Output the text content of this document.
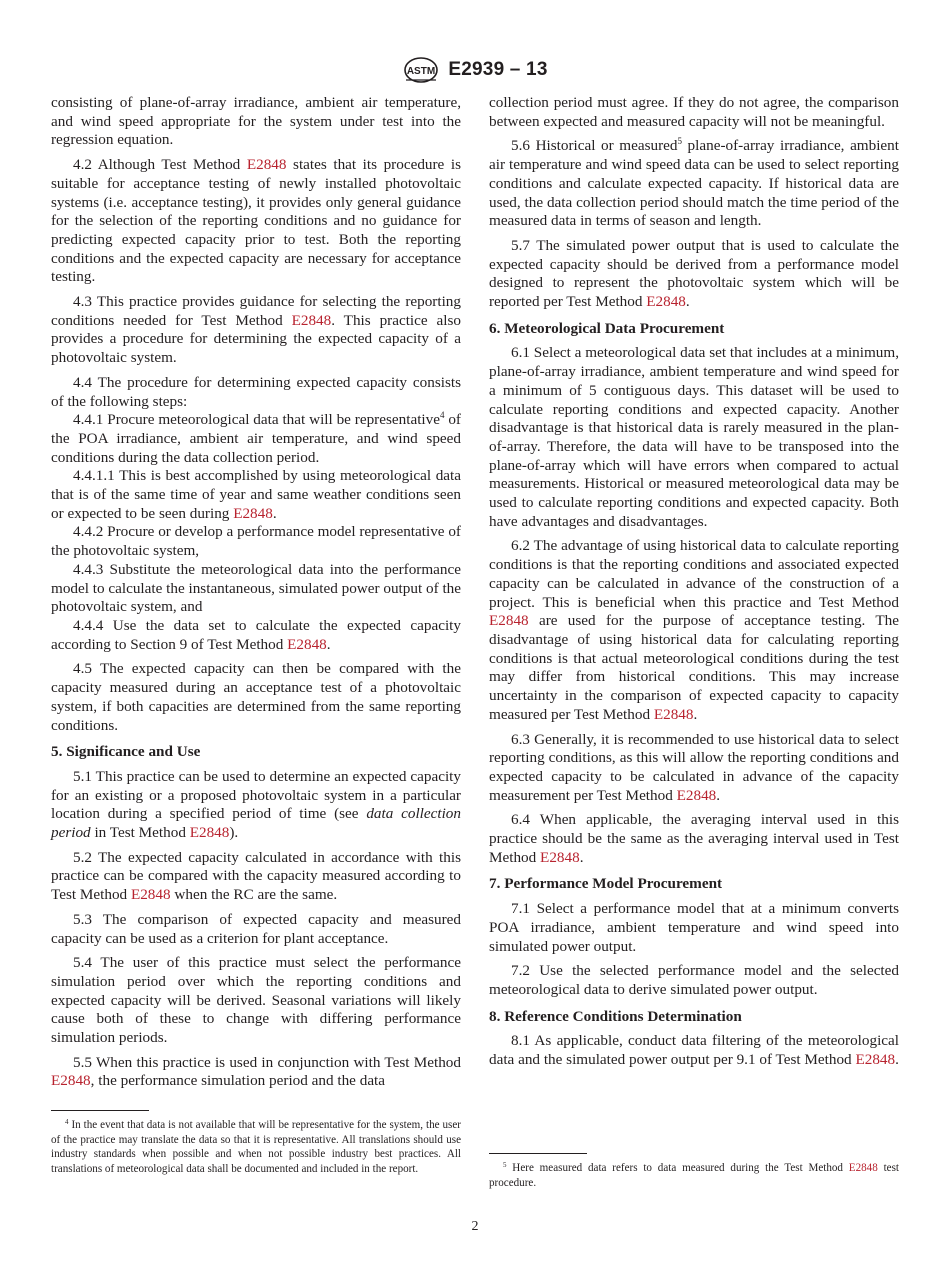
ASTM E2939 – 13

consisting of plane-of-array irradiance, ambient air temperature, and wind speed appropriate for the system under test into the regression equation.

4.2 Although Test Method E2848 states that its procedure is suitable for acceptance testing of newly installed photovoltaic systems (i.e. acceptance testing), it provides only general guidance for the selection of the reporting conditions and no guidance for predicting expected capacity prior to test. Both the reporting conditions and the expected capacity are necessary for acceptance testing.

4.3 This practice provides guidance for selecting the reporting conditions needed for Test Method E2848. This practice also provides a procedure for determining the expected capacity of a photovoltaic system.

4.4 The procedure for determining expected capacity consists of the following steps:

4.4.1 Procure meteorological data that will be representative$^4$ of the POA irradiance, ambient air temperature, and wind speed conditions during the data collection period.

4.4.1.1 This is best accomplished by using meteorological data that is of the same time of year and same weather conditions seen or expected to be seen during E2848.

4.4.2 Procure or develop a performance model representative of the photovoltaic system,

4.4.3 Substitute the meteorological data into the performance model to calculate the instantaneous, simulated power output of the photovoltaic system, and

4.4.4 Use the data set to calculate the expected capacity according to Section 9 of Test Method E2848.

4.5 The expected capacity can then be compared with the capacity measured during an acceptance test of a photovoltaic system, if both capacities are determined from the same reporting conditions.

5. Significance and Use

5.1 This practice can be used to determine an expected capacity for an existing or a proposed photovoltaic system in a particular location during a specified period of time (see data collection period in Test Method E2848).

5.2 The expected capacity calculated in accordance with this practice can be compared with the capacity measured according to Test Method E2848 when the RC are the same.

5.3 The comparison of expected capacity and measured capacity can be used as a criterion for plant acceptance.

5.4 The user of this practice must select the performance simulation period over which the reporting conditions and expected capacity will be derived. Seasonal variations will likely cause both of these to change with differing performance simulation periods.

5.5 When this practice is used in conjunction with Test Method E2848, the performance simulation period and the data

$^4$ In the event that data is not available that will be representative for the system, the user of the practice may translate the data so that it is representative. All translations should use industry standards when possible and when not possible industry best practices. All translations of meteorological data shall be documented and included in the report.

collection period must agree. If they do not agree, the comparison between expected and measured capacity will not be meaningful.

5.6 Historical or measured$^5$ plane-of-array irradiance, ambient air temperature and wind speed data can be used to select reporting conditions and calculate expected capacity. If historical data are used, the data collection period should match the time period of the measured data in terms of season and length.

5.7 The simulated power output that is used to calculate the expected capacity should be derived from a performance model designed to represent the photovoltaic system which will be reported per Test Method E2848.

6. Meteorological Data Procurement

6.1 Select a meteorological data set that includes at a minimum, plane-of-array irradiance, ambient temperature and wind speed for a minimum of 5 contiguous days. This dataset will be used to calculate reporting conditions and expected capacity. Another disadvantage is that historical data is rarely measured in the plan-of-array. Therefore, the data will have to be transposed into the plane-of-array which will have errors when compared to actual measurements. Historical or measured meteorological data may be used to calculate reporting conditions and expected capacity. Both have advantages and disadvantages.

6.2 The advantage of using historical data to calculate reporting conditions is that the reporting conditions and associated expected capacity can be calculated in advance of the construction of a project. This is beneficial when this practice and Test Method E2848 are used for the purpose of acceptance testing. The disadvantage of using historical data for calculating reporting conditions is that actual meteorological conditions during the test may differ from historical conditions. This may increase uncertainty in the comparison of expected capacity to capacity measured per Test Method E2848.

6.3 Generally, it is recommended to use historical data to select reporting conditions, as this will allow the reporting conditions and expected capacity to be calculated in advance of the capacity measurement per Test Method E2848.

6.4 When applicable, the averaging interval used in this practice should be the same as the averaging interval used in Test Method E2848.

7. Performance Model Procurement

7.1 Select a performance model that at a minimum converts POA irradiance, ambient temperature and wind speed into simulated power output.

7.2 Use the selected performance model and the selected meteorological data to derive simulated power output.

8. Reference Conditions Determination

8.1 As applicable, conduct data filtering of the meteorological data and the simulated power output per 9.1 of Test Method E2848.

$^5$ Here measured data refers to data measured during the Test Method E2848 test procedure.

2
